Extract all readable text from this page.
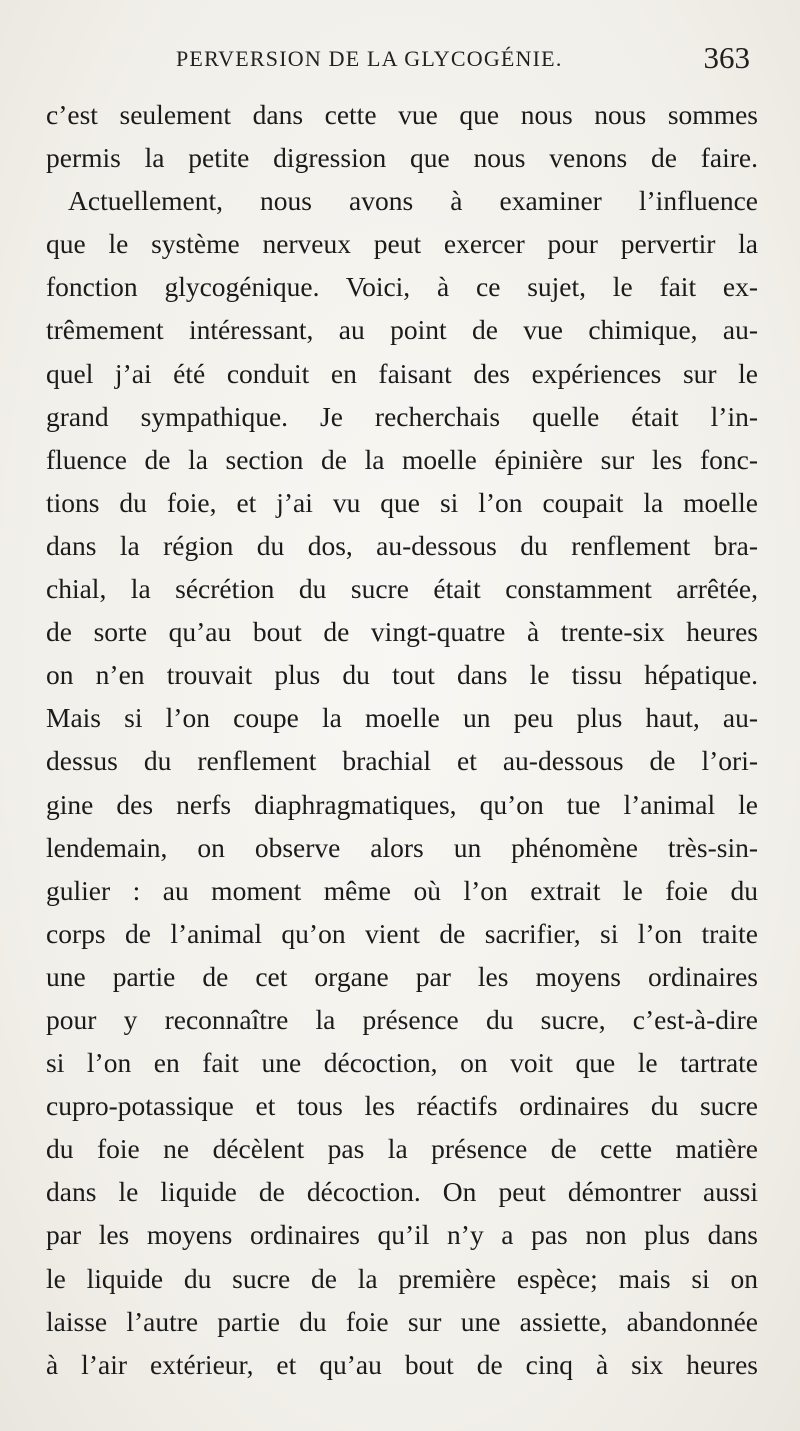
PERVERSION DE LA GLYCOGÉNIE.	363
c’est seulement dans cette vue que nous nous sommes
permis la petite digression que nous venons de faire.
Actuellement, nous avons à examiner l’influence
que le système nerveux peut exercer pour pervertir la
fonction glycogénique. Voici, à ce sujet, le fait ex-
trêmement intéressant, au point de vue chimique, au-
quel j’ai été conduit en faisant des expériences sur le
grand sympathique. Je recherchais quelle était l’in-
fluence de la section de la moelle épinière sur les fonc-
tions du foie, et j’ai vu que si l’on coupait la moelle
dans la région du dos, au-dessous du renflement bra-
chial, la sécrétion du sucre était constamment arrêtée,
de sorte qu’au bout de vingt-quatre à trente-six heures
on n’en trouvait plus du tout dans le tissu hépatique.
Mais si l’on coupe la moelle un peu plus haut, au-
dessus du renflement brachial et au-dessous de l’ori-
gine des nerfs diaphragmatiques, qu’on tue l’animal le
lendemain, on observe alors un phénomène très-sin-
gulier : au moment même où l’on extrait le foie du
corps de l’animal qu’on vient de sacrifier, si l’on traite
une partie de cet organe par les moyens ordinaires
pour y reconnaître la présence du sucre, c’est-à-dire
si l’on en fait une décoction, on voit que le tartrate
cupro-potassique et tous les réactifs ordinaires du sucre
du foie ne décèlent pas la présence de cette matière
dans le liquide de décoction. On peut démontrer aussi
par les moyens ordinaires qu’il n’y a pas non plus dans
le liquide du sucre de la première espèce; mais si on
laisse l’autre partie du foie sur une assiette, abandonnée
à l’air extérieur, et qu’au bout de cinq à six heures
